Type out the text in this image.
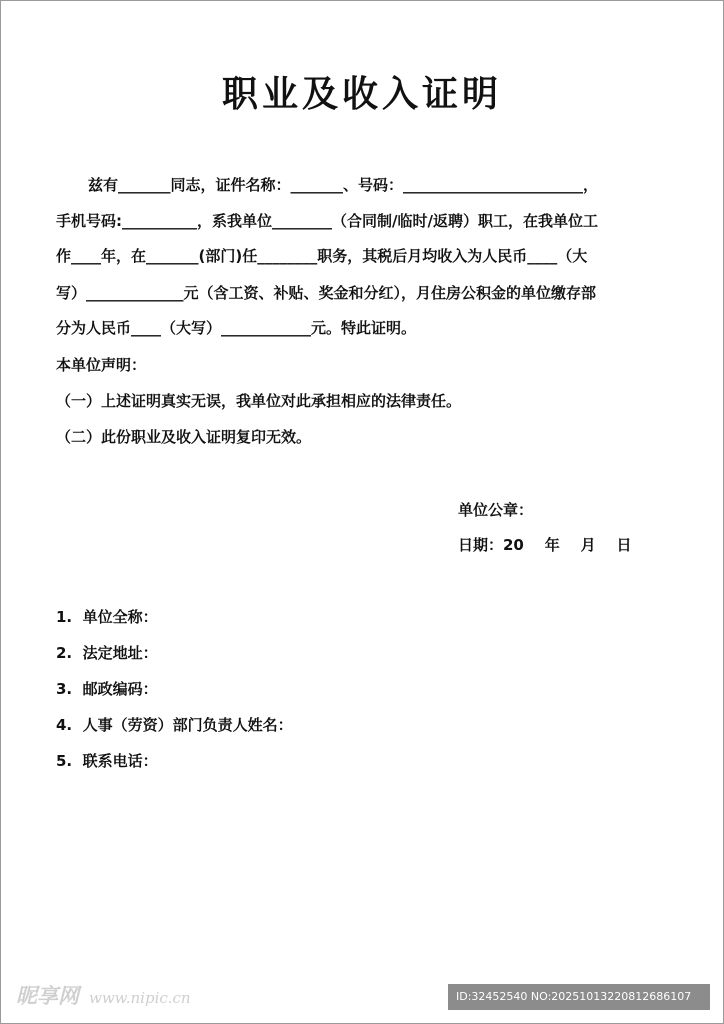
职业及收入证明
兹有_______同志，证件名称：_______、号码：________________________，
手机号码:__________，系我单位________（合同制/临时/返聘）职工，在我单位工
作____年，在_______(部门)任________职务，其税后月均收入为人民币____（大
写）_____________元（含工资、补贴、奖金和分红），月住房公积金的单位缴存部
分为人民币____（大写）____________元。特此证明。
本单位声明：
（一）上述证明真实无误，我单位对此承担相应的法律责任。
（二）此份职业及收入证明复印无效。
单位公章：
日期：20    年    月    日
1.  单位全称：
2.  法定地址：
3.  邮政编码：
4.  人事（劳资）部门负责人姓名：
5.  联系电话：
昵享网 www.nipic.cn	ID:32452540 NO:20251013220812686107
